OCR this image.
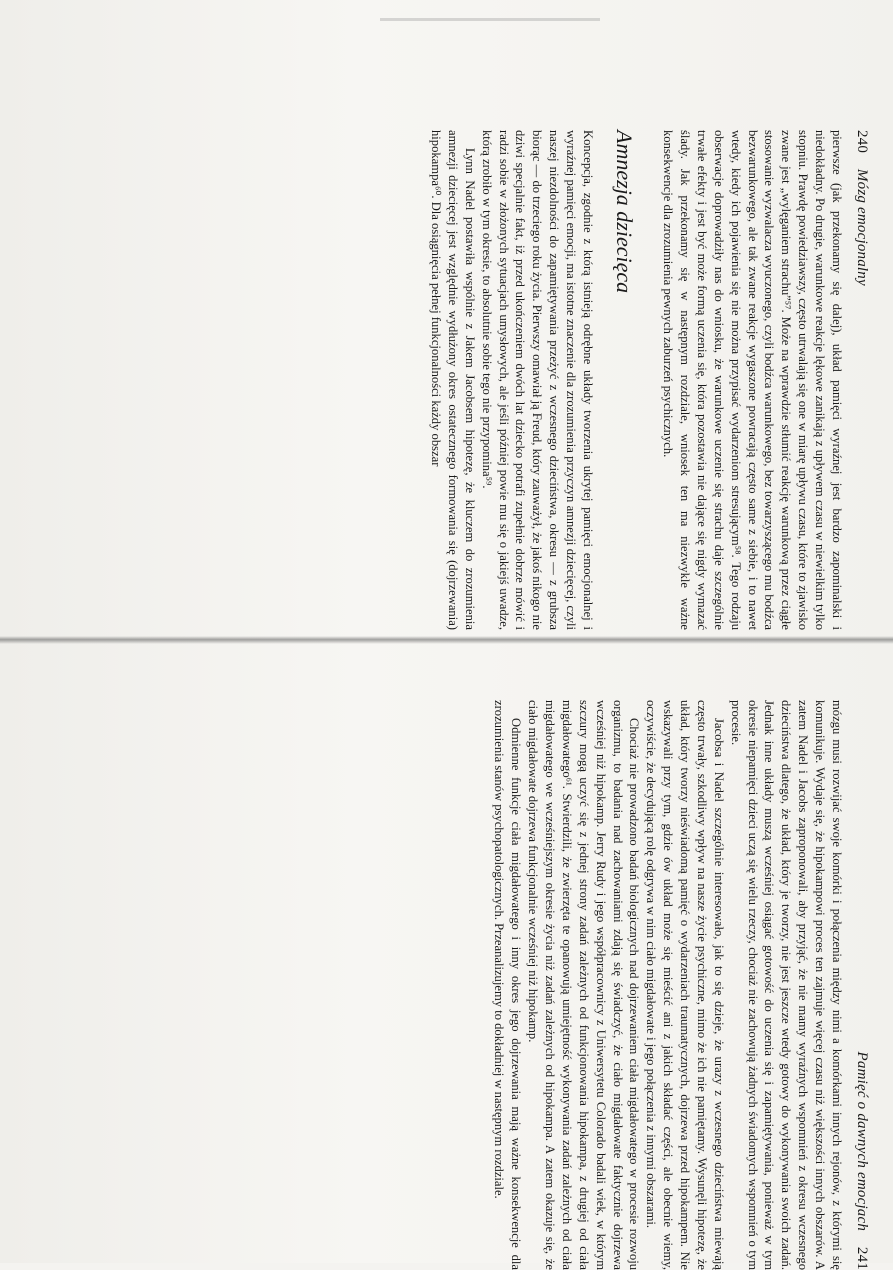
240    Mózg emocjonalny

pierwsze (jak przekonamy się dalej), układ pamięci wyraźnej jest bardzo zapominalski i niedokładny. Po drugie, warunkowe reakcje lękowe zanikają z upływem czasu w niewielkim tylko stopniu. Prawdę powiedziawszy, często utrwalają się one w miarę upływu czasu, które to zjawisko zwane jest „wylęganiem strachu”⁵⁷. Może na wprawdzie stłumić reakcję warunkową przez ciągłe stosowanie wyzwalacza wyuczonego, czyli bodźca warunkowego, bez towarzyszącego mu bodźca bezwarunkowego, ale tak zwane reakcje wygaszone powracają często same z siebie, i to nawet wtedy, kiedy ich pojawienia się nie można przypisać wydarzeniom stresującym⁵⁸. Tego rodzaju obserwacje doprowadziły nas do wniosku, że warunkowe uczenie się strachu daje szczególnie trwałe efekty i jest być może formą uczenia się, która pozostawia nie dające się nigdy wymazać ślady. Jak przekonamy się w następnym rozdziale, wniosek ten ma niezwykle ważne konsekwencje dla zrozumienia pewnych zaburzeń psychicznych.

Amnezja dziecięca

Koncepcja, zgodnie z którą istnieją odrębne układy tworzenia ukrytej pamięci emocjonalnej i wyraźnej pamięci emocji, ma istotne znaczenie dla zrozumienia przyczyn amnezji dziecięcej, czyli naszej niezdolności do zapamiętywania przeżyć z wczesnego dzieciństwa, okresu — z grubsza biorąc — do trzeciego roku życia. Pierwszy omawiał ją Freud, który zauważył, że jakoś nikogo nie dziwi specjalnie fakt, iż przed ukończeniem dwóch lat dziecko potrafi zupełnie dobrze mówić i radzi sobie w złożonych sytuacjach umysłowych, ale jeśli później powie mu się o jakiejś uwadze, którą zrobiło w tym okresie, to absolutnie sobie tego nie przypomina⁵⁹.

Lynn Nadel postawiła wspólnie z Jakem Jacobsem hipotezę, że kluczem do zrozumienia amnezji dziecięcej jest względnie wydłużony okres ostatecznego formowania się (dojrzewania) hipokampa⁶⁰. Dla osiągnięcia pełnej funkcjonalności każdy obszar

Pamięć o dawnych emocjach    241

mózgu musi rozwijać swoje komórki i połączenia między nimi a komórkami innych rejonów, z którymi się komunikuje. Wydaje się, że hipokampowi proces ten zajmuje więcej czasu niż większości innych obszarów. A zatem Nadel i Jacobs zaproponowali, aby przyjąć, że nie mamy wyraźnych wspomnień z okresu wczesnego dzieciństwa dlatego, że układ, który je tworzy, nie jest jeszcze wtedy gotowy do wykonywania swoich zadań. Jednak inne układy muszą wcześniej osiągać gotowość do uczenia się i zapamiętywania, ponieważ w tym okresie niepamięci dzieci uczą się wielu rzeczy, chociaż nie zachowują żadnych świadomych wspomnień o tym procesie.

Jacobsa i Nadel szczególnie interesowało, jak to się dzieje, że urazy z wczesnego dzieciństwa miewają często trwały, szkodliwy wpływ na nasze życie psychiczne, mimo że ich nie pamiętamy. Wysunęli hipotezę, że układ, który tworzy nieświadomą pamięć o wydarzeniach traumatycznych, dojrzewa przed hipokampem. Nie wskazywali przy tym, gdzie ów układ może się mieścić ani z jakich składać części, ale obecnie wiemy, oczywiście, że decydującą rolę odgrywa w nim ciało migdałowate i jego połączenia z innymi obszarami.

Chociaż nie prowadzono badań biologicznych nad dojrzewaniem ciała migdałowatego w procesie rozwoju organizmu, to badania nad zachowaniami zdają się świadczyć, że ciało migdałowate faktycznie dojrzewa wcześniej niż hipokamp. Jerry Rudy i jego współpracownicy z Uniwersytetu Colorado badali wiek, w którym szczury mogą uczyć się z jednej strony zadań zależnych od funkcjonowania hipokampa, z drugiej od ciała migdałowatego⁶¹. Stwierdzili, że zwierzęta te opanowują umiejętność wykonywania zadań zależnych od ciała migdałowatego we wcześniejszym okresie życia niż zadań zależnych od hipokampa. A zatem okazuje się, że ciało migdałowate dojrzewa funkcjonalnie wcześniej niż hipokamp.

Odmienne funkcje ciała migdałowatego i inny okres jego dojrzewania mają ważne konsekwencje dla zrozumienia stanów psychopatologicznych. Przeanalizujemy to dokładniej w następnym rozdziale.
